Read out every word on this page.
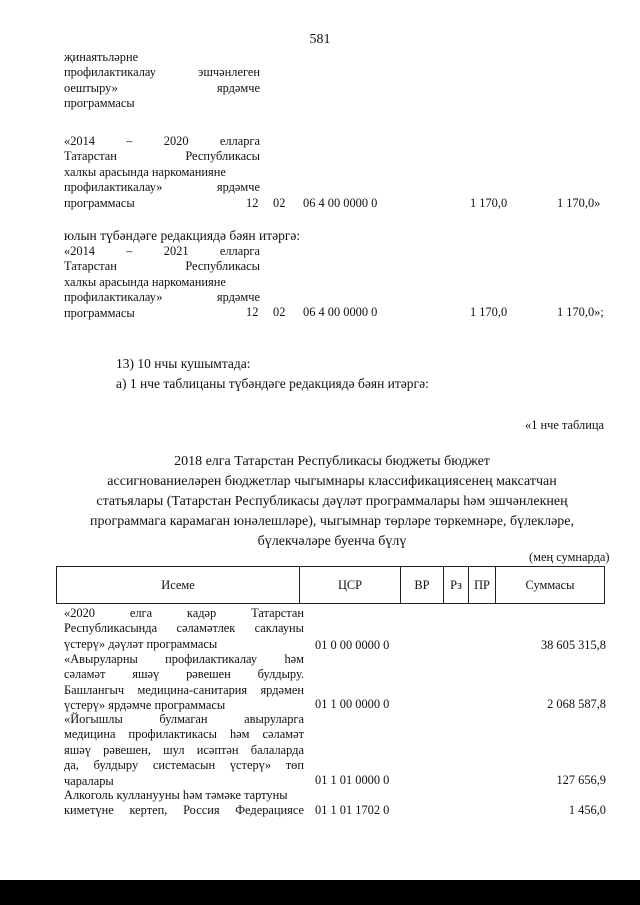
581
җинаятьләрне
профилактикалау эшчәнлеген
оештыру» ярдәмче
программасы
«2014 – 2020 елларга
Татарстан Республикасы
халкы арасында наркоманияне
профилактикалау» ярдәмче
программасы	12 02 06 4 00 0000 0	1 170,0	1 170,0»
юлын түбәндәге редакциядә бәян итәргә:
«2014 – 2021 елларга
Татарстан Республикасы
халкы арасында наркоманияне
профилактикалау» ярдәмче
программасы	12 02 06 4 00 0000 0	1 170,0	1 170,0»;
13) 10 нчы кушымтада:
а) 1 нче таблицаны түбәндәге редакциядә бәян итәргә:
«1 нче таблица
2018 елга Татарстан Республикасы бюджеты бюджет
ассигнованиеләрен бюджетлар чыгымнары классификациясенең максатчан
статьялары (Татарстан Республикасы дәүләт программалары һәм эшчәнлекнең
программага карамаган юнәлешләре), чыгымнар төрләре төркемнәре, бүлекләре,
бүлекчәләре буенча бүлү
(мең сумнарда)
Исеме	ЦСР	ВР	Рз	ПР	Суммасы
«2020 елга кадәр Татарстан
Республикасында сәламәтлек саклауны
үстерү» дәүләт программасы	01 0 00 0000 0	38 605 315,8
«Авыруларны профилактикалау һәм
сәламәт яшәү рәвешен булдыру.
Башлангыч медицина-санитария ярдәмен
үстерү» ярдәмче программасы	01 1 00 0000 0	2 068 587,8
«Йогышлы булмаган авыруларга
медицина профилактикасы һәм сәламәт
яшәү рәвешен, шул исәптән балаларда
да, булдыру системасын үстерү» төп
чаралары	01 1 01 0000 0	127 656,9
Алкоголь кулланууны һәм тәмәке тартуны
киметүне кертеп, Россия Федерациясе 01 1 01 1702 0	1 456,0
